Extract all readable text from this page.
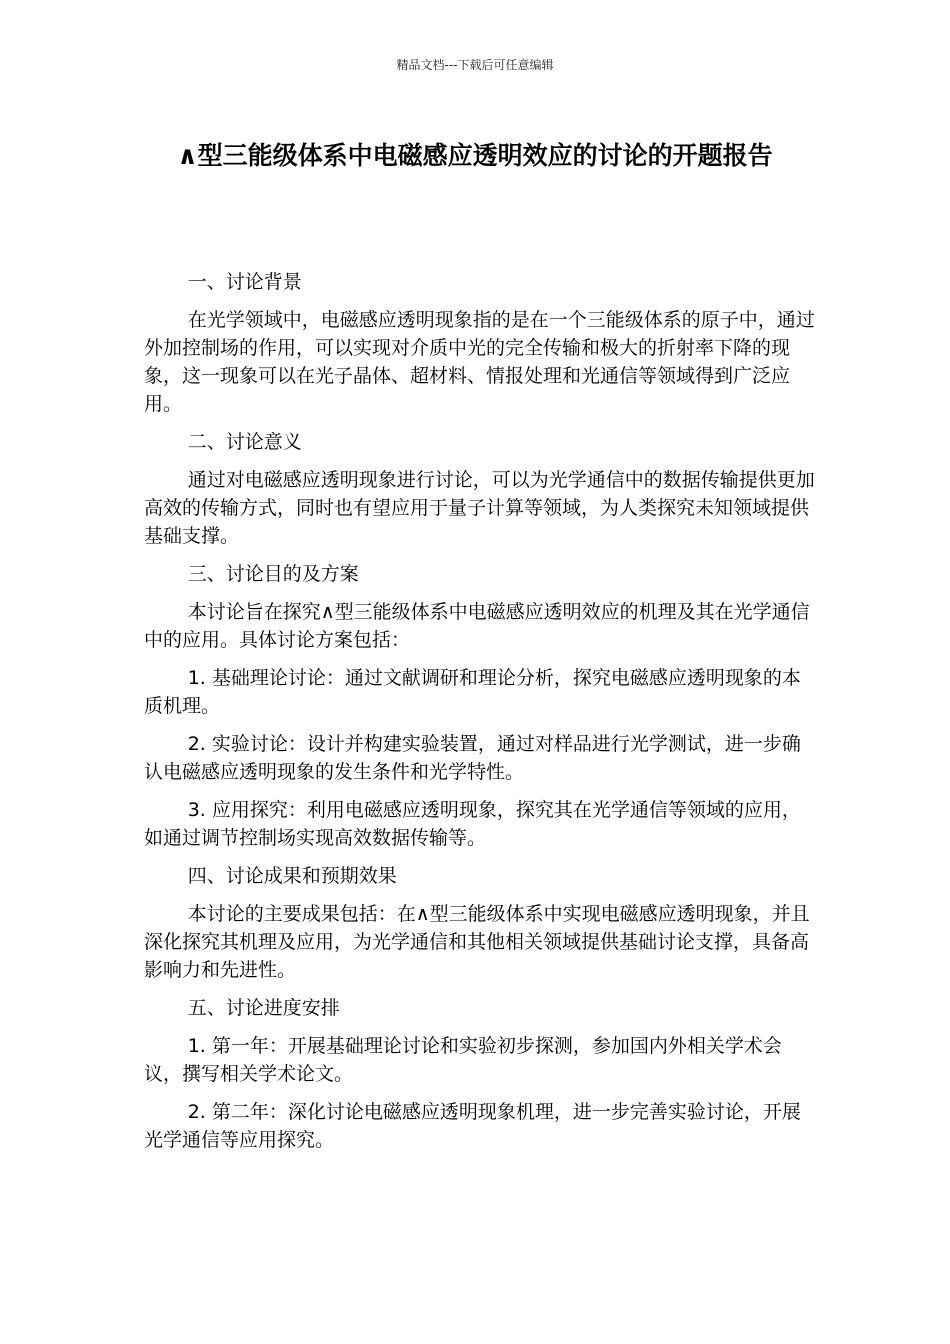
精品文档---下载后可任意编辑
∧型三能级体系中电磁感应透明效应的讨论的开题报告

一、讨论背景

在光学领域中，电磁感应透明现象指的是在一个三能级体系的原子中，通过外加控制场的作用，可以实现对介质中光的完全传输和极大的折射率下降的现象，这一现象可以在光子晶体、超材料、情报处理和光通信等领域得到广泛应用。

二、讨论意义

通过对电磁感应透明现象进行讨论，可以为光学通信中的数据传输提供更加高效的传输方式，同时也有望应用于量子计算等领域，为人类探究未知领域提供基础支撑。

三、讨论目的及方案

本讨论旨在探究∧型三能级体系中电磁感应透明效应的机理及其在光学通信中的应用。具体讨论方案包括：

1. 基础理论讨论：通过文献调研和理论分析，探究电磁感应透明现象的本质机理。

2. 实验讨论：设计并构建实验装置，通过对样品进行光学测试，进一步确认电磁感应透明现象的发生条件和光学特性。

3. 应用探究：利用电磁感应透明现象，探究其在光学通信等领域的应用，如通过调节控制场实现高效数据传输等。

四、讨论成果和预期效果

本讨论的主要成果包括：在∧型三能级体系中实现电磁感应透明现象，并且深化探究其机理及应用，为光学通信和其他相关领域提供基础讨论支撑，具备高影响力和先进性。

五、讨论进度安排

1. 第一年：开展基础理论讨论和实验初步探测，参加国内外相关学术会议，撰写相关学术论文。

2. 第二年：深化讨论电磁感应透明现象机理，进一步完善实验讨论，开展光学通信等应用探究。
